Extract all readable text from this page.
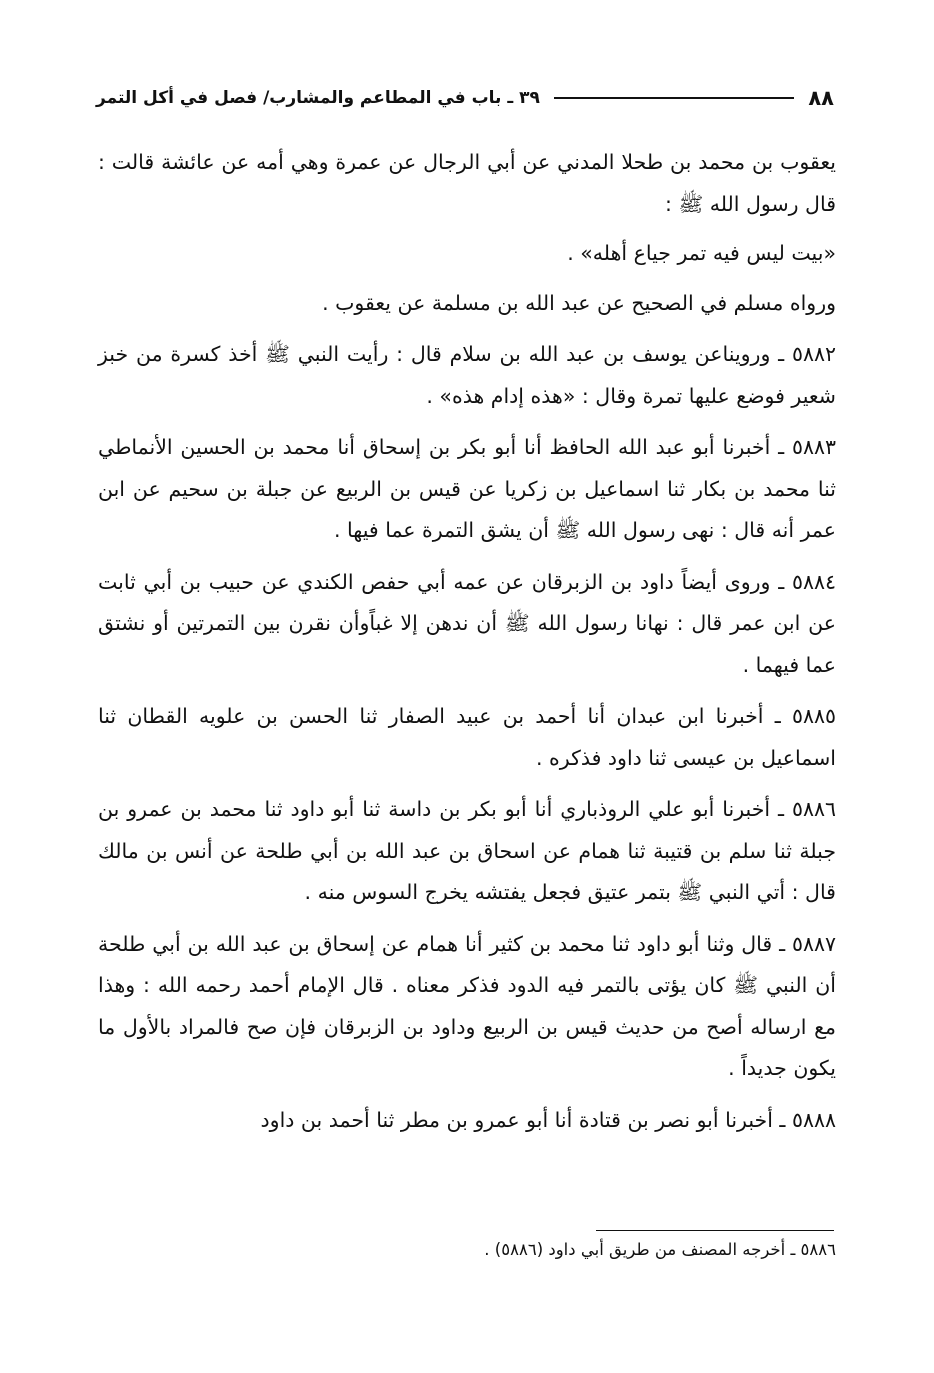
٨٨
٣٩ ـ باب في المطاعم والمشارب/ فصل في أكل التمر

يعقوب بن محمد بن طحلا المدني عن أبي الرجال عن عمرة وهي أمه عن عائشة قالت : قال رسول الله ﷺ :

«بيت ليس فيه تمر جياع أهله» .

ورواه مسلم في الصحيح عن عبد الله بن مسلمة عن يعقوب .

٥٨٨٢ ـ ورويناعن يوسف بن عبد الله بن سلام قال : رأيت النبي ﷺ أخذ كسرة من خبز شعير فوضع عليها تمرة وقال : «هذه إدام هذه» .

٥٨٨٣ ـ أخبرنا أبو عبد الله الحافظ أنا أبو بكر بن إسحاق أنا محمد بن الحسين الأنماطي ثنا محمد بن بكار ثنا اسماعيل بن زكريا عن قيس بن الربيع عن جبلة بن سحيم عن ابن عمر أنه قال : نهى رسول الله ﷺ أن يشق التمرة عما فيها .

٥٨٨٤ ـ وروى أيضاً داود بن الزبرقان عن عمه أبي حفص الكندي عن حبيب بن أبي ثابت عن ابن عمر قال : نهانا رسول الله ﷺ أن ندهن إلا غباًوأن نقرن بين التمرتين أو نشتق عما فيهما .

٥٨٨٥ ـ أخبرنا ابن عبدان أنا أحمد بن عبيد الصفار ثنا الحسن بن علويه القطان ثنا اسماعيل بن عيسى ثنا داود فذكره .

٥٨٨٦ ـ أخبرنا أبو علي الروذباري أنا أبو بكر بن داسة ثنا أبو داود ثنا محمد بن عمرو بن جبلة ثنا سلم بن قتيبة ثنا همام عن اسحاق بن عبد الله بن أبي طلحة عن أنس بن مالك قال : أتي النبي ﷺ بتمر عتيق فجعل يفتشه يخرج السوس منه .

٥٨٨٧ ـ قال وثنا أبو داود ثنا محمد بن كثير أنا همام عن إسحاق بن عبد الله بن أبي طلحة أن النبي ﷺ كان يؤتى بالتمر فيه الدود فذكر معناه . قال الإمام أحمد رحمه الله : وهذا مع ارساله أصح من حديث قيس بن الربيع وداود بن الزبرقان فإن صح فالمراد بالأول ما يكون جديداً .

٥٨٨٨ ـ أخبرنا أبو نصر بن قتادة أنا أبو عمرو بن مطر ثنا أحمد بن داود

٥٨٨٦ ـ أخرجه المصنف من طريق أبي داود (٥٨٨٦) .
